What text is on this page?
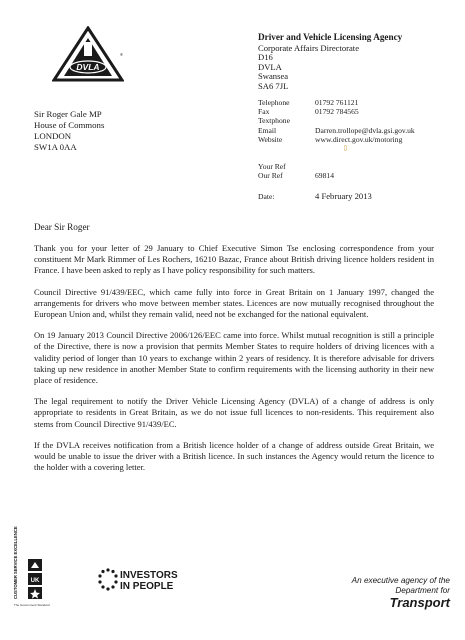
DVLA
®
Driver and Vehicle Licensing Agency
Corporate Affairs Directorate
D16
DVLA
Swansea
SA6 7JL
Sir Roger Gale MP
House of Commons
LONDON
SW1A 0AA
Telephone	01792 761121
Fax	01792 784565
Textphone
Email	Darren.trollope@dvla.gsi.gov.uk
Website	www.direct.gov.uk/motoring
⇩
Your Ref
Our Ref	69814
Date:	4 February 2013
Dear Sir Roger

Thank you for your letter of 29 January to Chief Executive Simon Tse enclosing correspondence from your constituent Mr Mark Rimmer of Les Rochers, 16210 Bazac, France about British driving licence holders resident in France. I have been asked to reply as I have policy responsibility for such matters.

Council Directive 91/439/EEC, which came fully into force in Great Britain on 1 January 1997, changed the arrangements for drivers who move between member states. Licences are now mutually recognised throughout the European Union and, whilst they remain valid, need not be exchanged for the national equivalent.

On 19 January 2013 Council Directive 2006/126/EEC came into force. Whilst mutual recognition is still a principle of the Directive, there is now a provision that permits Member States to require holders of driving licences with a validity period of longer than 10 years to exchange within 2 years of residency. It is therefore advisable for drivers taking up new residence in another Member State to confirm requirements with the licensing authority in their new place of residence.

The legal requirement to notify the Driver Vehicle Licensing Agency (DVLA) of a change of address is only appropriate to residents in Great Britain, as we do not issue full licences to non-residents. This requirement also stems from Council Directive 91/439/EC.

If the DVLA receives notification from a British licence holder of a change of address outside Great Britain, we would be unable to issue the driver with a British licence. In such instances the Agency would return the licence to the holder with a covering letter.

CUSTOMER SERVICE EXCELLENCE UK
The Government Standard
INVESTORS
IN PEOPLE
An executive agency of the
Department for
Transport
